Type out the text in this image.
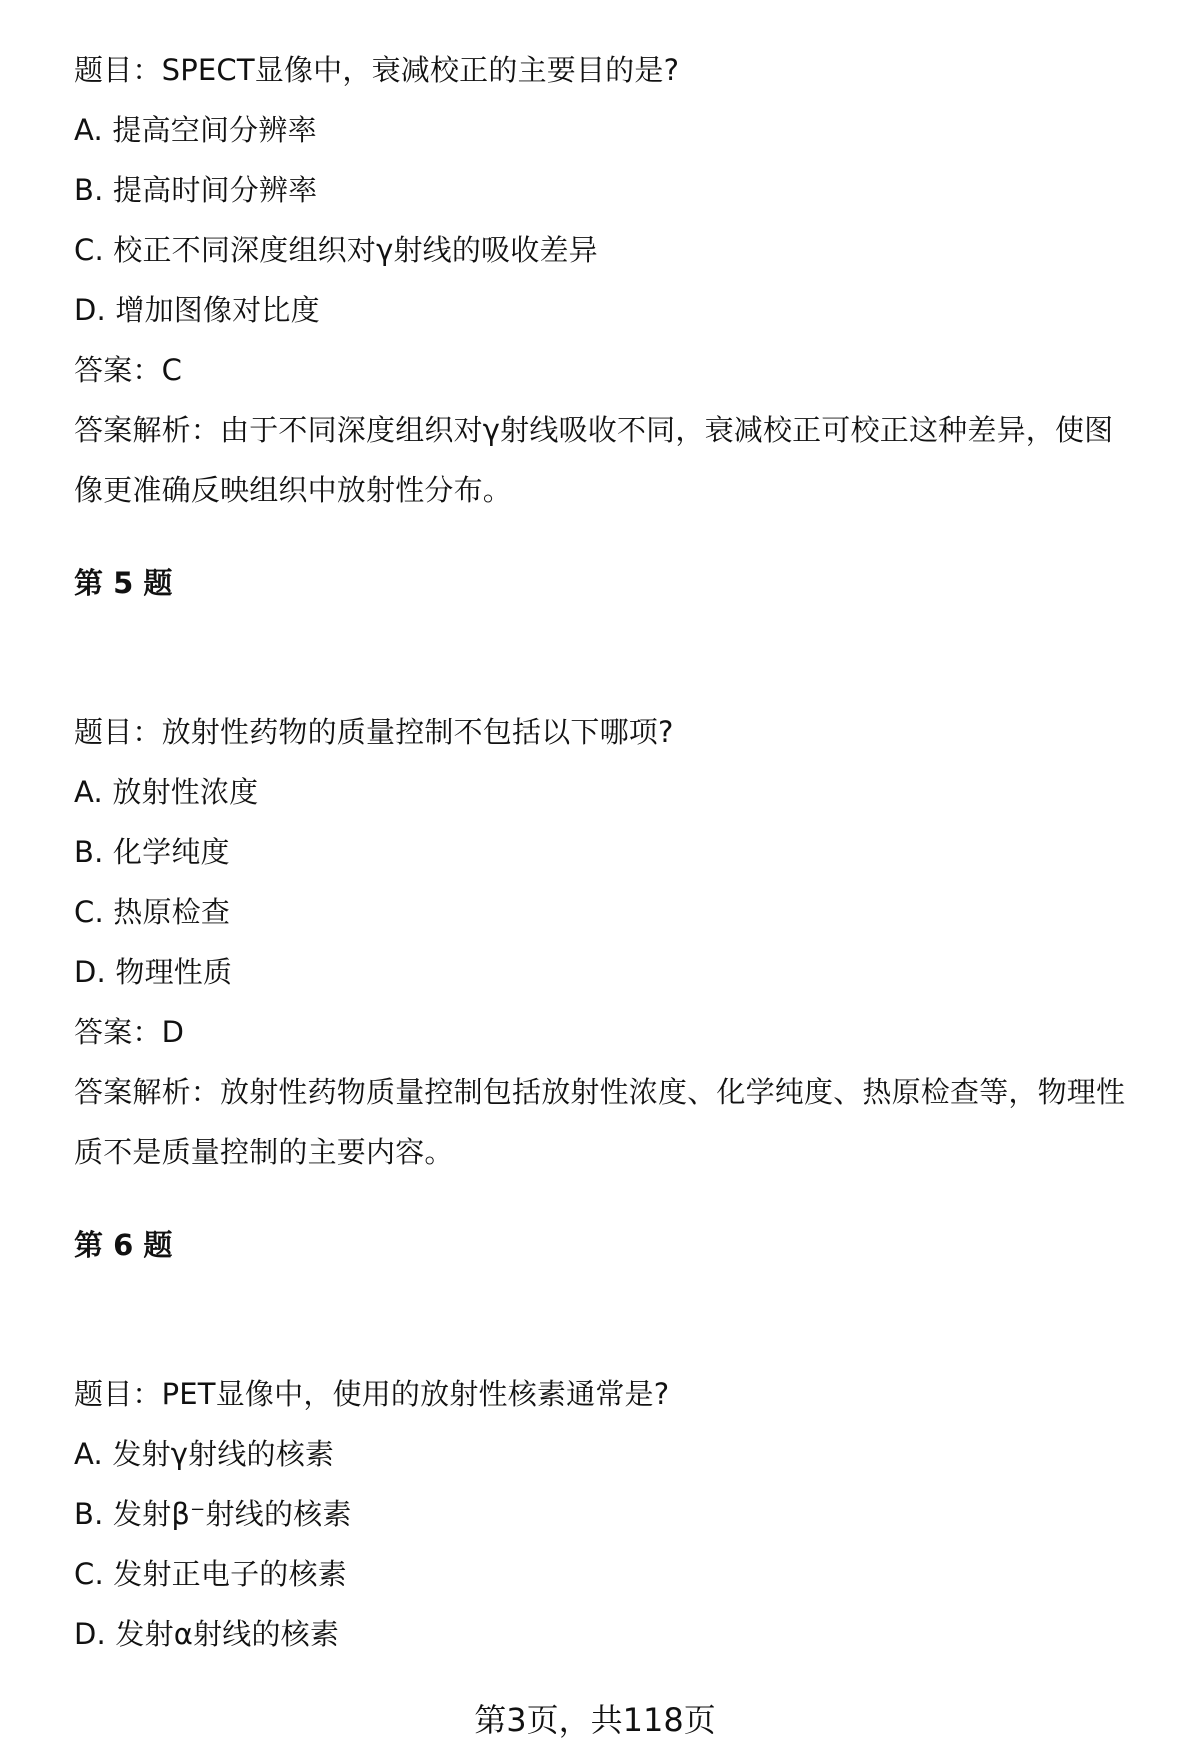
题目：SPECT显像中，衰减校正的主要目的是?
A. 提高空间分辨率
B. 提高时间分辨率
C. 校正不同深度组织对γ射线的吸收差异
D. 增加图像对比度
答案：C
答案解析：由于不同深度组织对γ射线吸收不同，衰减校正可校正这种差异，使图
像更准确反映组织中放射性分布。
第 5 题
题目：放射性药物的质量控制不包括以下哪项?
A. 放射性浓度
B. 化学纯度
C. 热原检查
D. 物理性质
答案：D
答案解析：放射性药物质量控制包括放射性浓度、化学纯度、热原检查等，物理性
质不是质量控制的主要内容。
第 6 题
题目：PET显像中，使用的放射性核素通常是?
A. 发射γ射线的核素
B. 发射β⁻射线的核素
C. 发射正电子的核素
D. 发射α射线的核素
第3页，共118页
